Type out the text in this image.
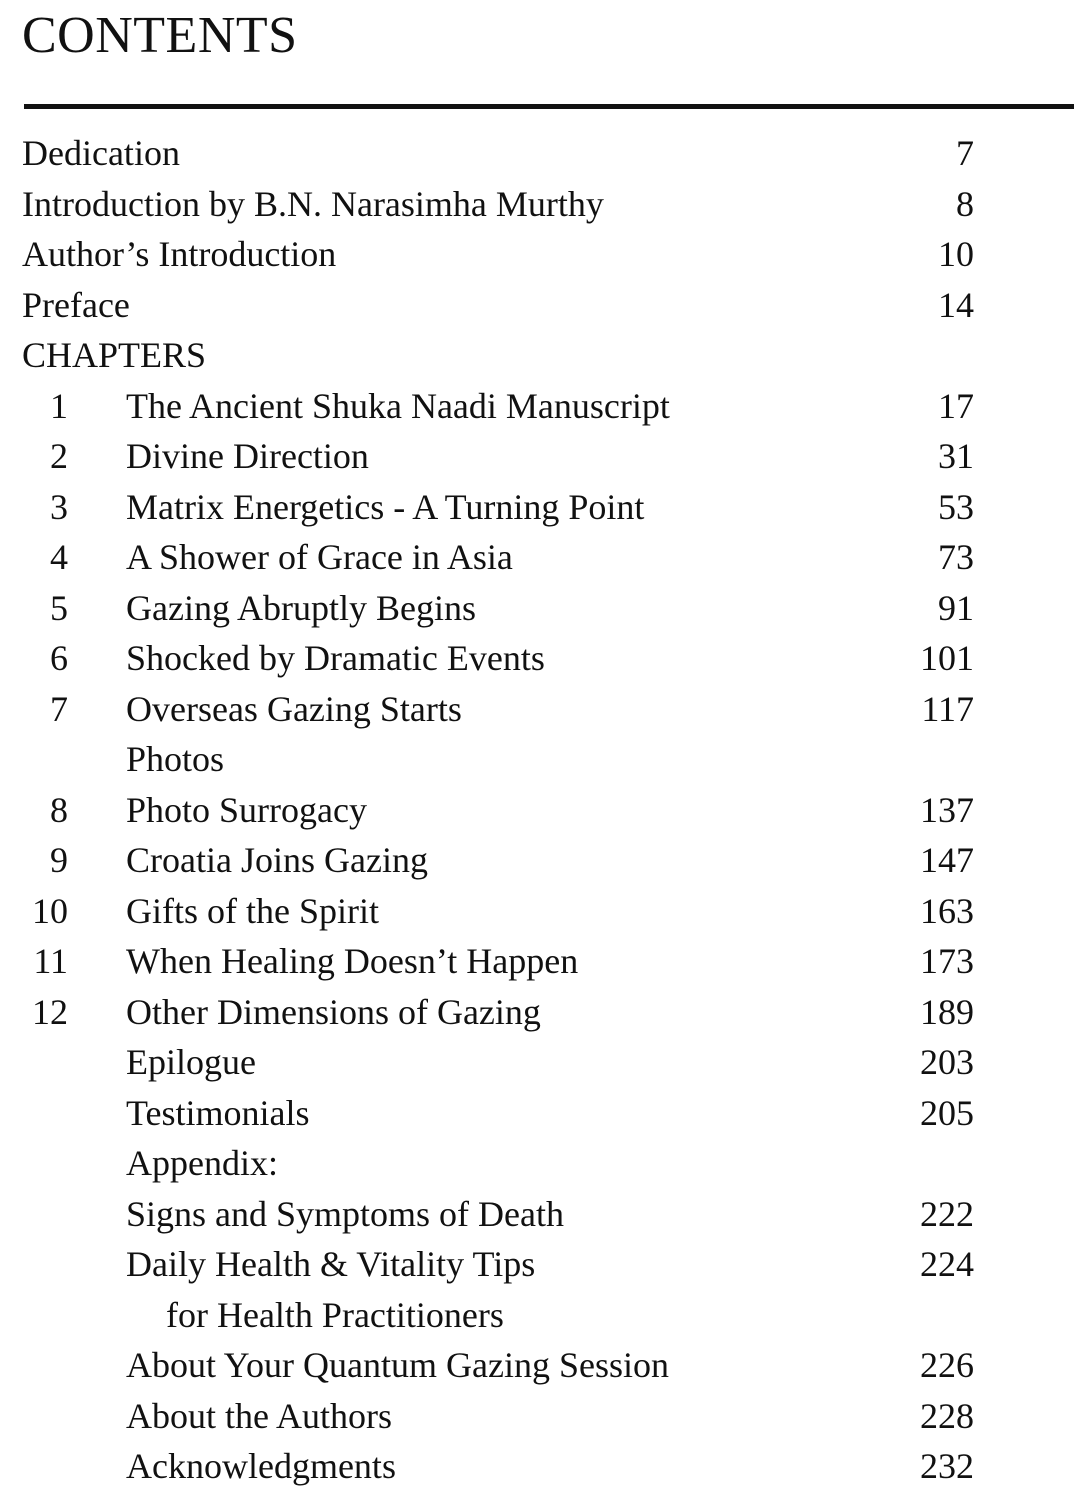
CONTENTS
Dedication	7
Introduction by B.N. Narasimha Murthy	8
Author’s Introduction	10
Preface	14
CHAPTERS
1 The Ancient Shuka Naadi Manuscript	17
2 Divine Direction	31
3 Matrix Energetics - A Turning Point	53
4 A Shower of Grace in Asia	73
5 Gazing Abruptly Begins	91
6 Shocked by Dramatic Events	101
7 Overseas Gazing Starts	117
Photos
8 Photo Surrogacy	137
9 Croatia Joins Gazing	147
10 Gifts of the Spirit	163
11 When Healing Doesn’t Happen	173
12 Other Dimensions of Gazing	189
Epilogue	203
Testimonials	205
Appendix:
Signs and Symptoms of Death	222
Daily Health & Vitality Tips	224
for Health Practitioners
About Your Quantum Gazing Session	226
About the Authors	228
Acknowledgments	232
